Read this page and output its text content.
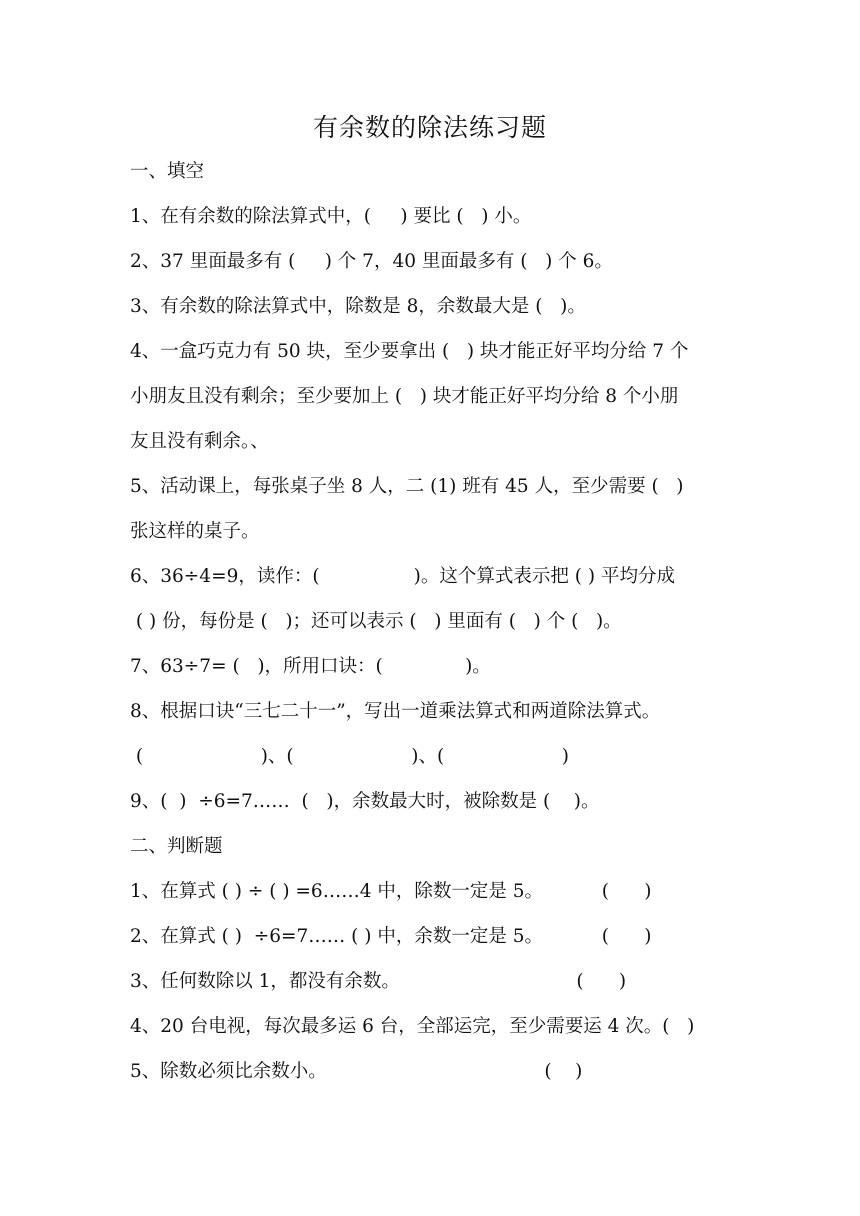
有余数的除法练习题
一、填空
1、在有余数的除法算式中，(     ) 要比 (   ) 小。
2、37 里面最多有 (     ) 个 7，40 里面最多有 (   ) 个 6。
3、有余数的除法算式中，除数是 8，余数最大是 (   )。
4、一盒巧克力有 50 块，至少要拿出 (   ) 块才能正好平均分给 7 个
小朋友且没有剩余；至少要加上 (   ) 块才能正好平均分给 8 个小朋
友且没有剩余。、
5、活动课上，每张桌子坐 8 人，二 (1) 班有 45 人，至少需要 (   )
张这样的桌子。
6、36÷4=9，读作：(                )。这个算式表示把 ( ) 平均分成
( ) 份，每份是 (   )；还可以表示 (   ) 里面有 (   ) 个 (   )。
7、63÷7= (   )，所用口诀：(              )。
8、根据口诀“三七二十一”，写出一道乘法算式和两道除法算式。
(                    )、(                    )、(                    )
9、(  )  ÷6=7……  (   )，余数最大时，被除数是 (    )。
二、判断题
1、在算式 ( ) ÷ ( ) =6……4 中，除数一定是 5。          (      )
2、在算式 ( )  ÷6=7…… ( ) 中，余数一定是 5。          (      )
3、任何数除以 1，都没有余数。                              (      )
4、20 台电视，每次最多运 6 台，全部运完，至少需要运 4 次。(   )
5、除数必须比余数小。                                     (    )
